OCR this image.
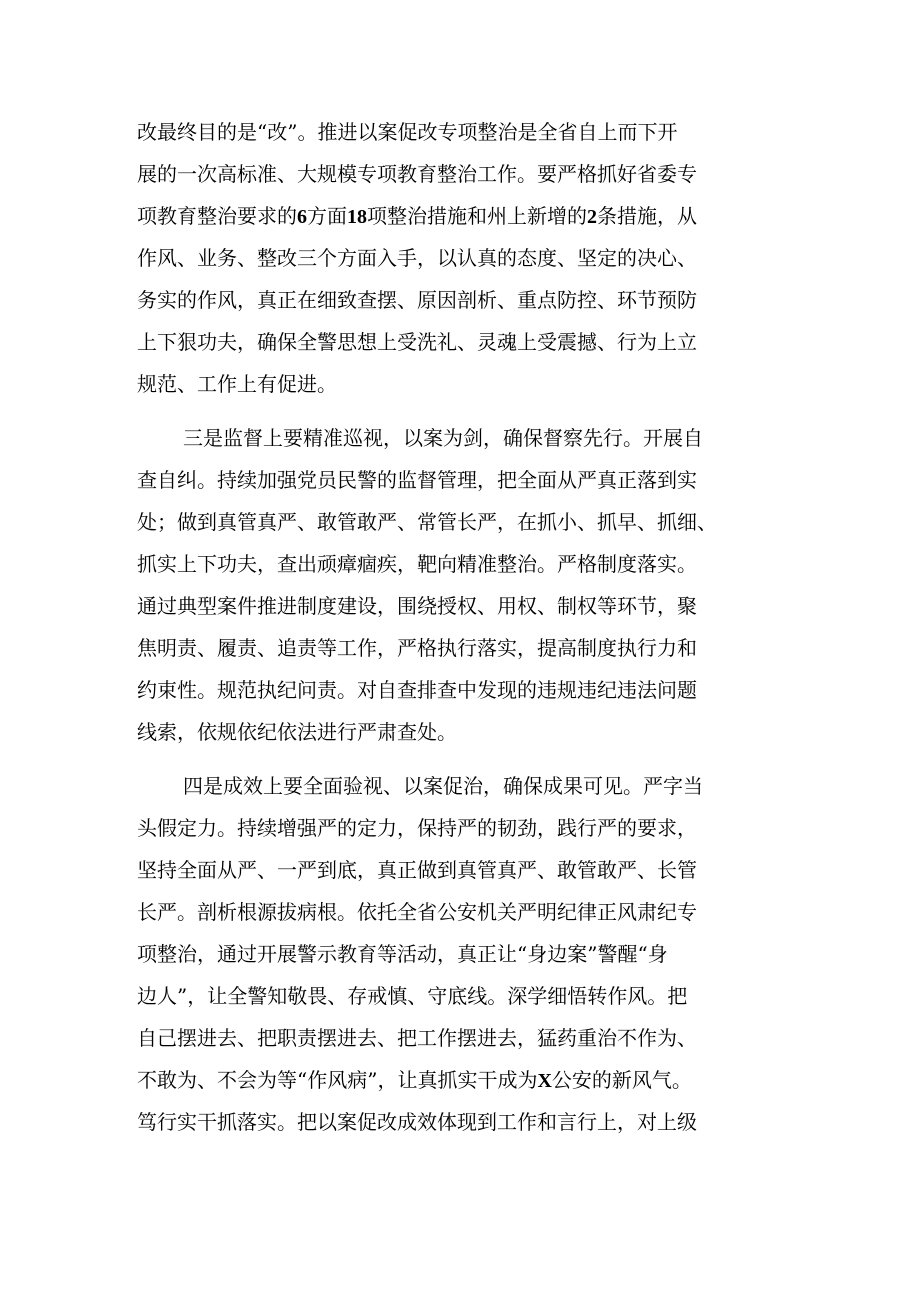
改最终目的是“改”。推进以案促改专项整治是全省自上而下开
展的一次高标准、大规模专项教育整治工作。要严格抓好省委专
项教育整治要求的6方面18项整治措施和州上新增的2条措施，从
作风、业务、整改三个方面入手，以认真的态度、坚定的决心、
务实的作风，真正在细致查摆、原因剖析、重点防控、环节预防
上下狠功夫，确保全警思想上受洗礼、灵魂上受震撼、行为上立
规范、工作上有促进。
三是监督上要精准巡视，以案为剑，确保督察先行。开展自
查自纠。持续加强党员民警的监督管理，把全面从严真正落到实
处；做到真管真严、敢管敢严、常管长严，在抓小、抓早、抓细、
抓实上下功夫，查出顽瘴痼疾，靶向精准整治。严格制度落实。
通过典型案件推进制度建设，围绕授权、用权、制权等环节，聚
焦明责、履责、追责等工作，严格执行落实，提高制度执行力和
约束性。规范执纪问责。对自查排查中发现的违规违纪违法问题
线索，依规依纪依法进行严肃查处。
四是成效上要全面验视、以案促治，确保成果可见。严字当
头假定力。持续增强严的定力，保持严的韧劲，践行严的要求，
坚持全面从严、一严到底，真正做到真管真严、敢管敢严、长管
长严。剖析根源拔病根。依托全省公安机关严明纪律正风肃纪专
项整治，通过开展警示教育等活动，真正让“身边案”警醒“身
边人”，让全警知敬畏、存戒慎、守底线。深学细悟转作风。把
自己摆进去、把职责摆进去、把工作摆进去，猛药重治不作为、
不敢为、不会为等“作风病”，让真抓实干成为X公安的新风气。
笃行实干抓落实。把以案促改成效体现到工作和言行上，对上级
